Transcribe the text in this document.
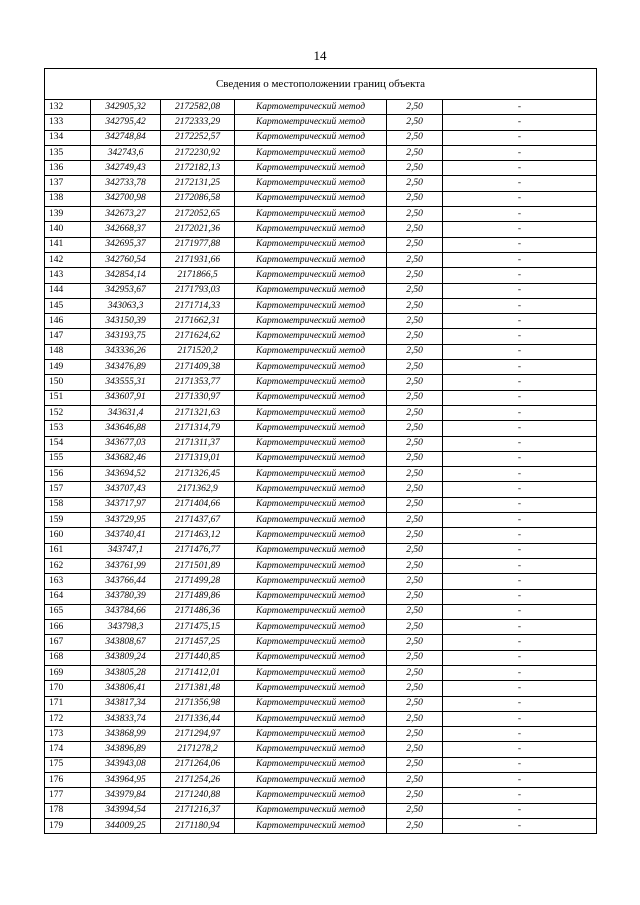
14
Сведения о местоположении границ объекта					
132	342905,32	2172582,08	Картометрический метод	2,50	-
133	342795,42	2172333,29	Картометрический метод	2,50	-
134	342748,84	2172252,57	Картометрический метод	2,50	-
135	342743,6	2172230,92	Картометрический метод	2,50	-
136	342749,43	2172182,13	Картометрический метод	2,50	-
137	342733,78	2172131,25	Картометрический метод	2,50	-
138	342700,98	2172086,58	Картометрический метод	2,50	-
139	342673,27	2172052,65	Картометрический метод	2,50	-
140	342668,37	2172021,36	Картометрический метод	2,50	-
141	342695,37	2171977,88	Картометрический метод	2,50	-
142	342760,54	2171931,66	Картометрический метод	2,50	-
143	342854,14	2171866,5	Картометрический метод	2,50	-
144	342953,67	2171793,03	Картометрический метод	2,50	-
145	343063,3	2171714,33	Картометрический метод	2,50	-
146	343150,39	2171662,31	Картометрический метод	2,50	-
147	343193,75	2171624,62	Картометрический метод	2,50	-
148	343336,26	2171520,2	Картометрический метод	2,50	-
149	343476,89	2171409,38	Картометрический метод	2,50	-
150	343555,31	2171353,77	Картометрический метод	2,50	-
151	343607,91	2171330,97	Картометрический метод	2,50	-
152	343631,4	2171321,63	Картометрический метод	2,50	-
153	343646,88	2171314,79	Картометрический метод	2,50	-
154	343677,03	2171311,37	Картометрический метод	2,50	-
155	343682,46	2171319,01	Картометрический метод	2,50	-
156	343694,52	2171326,45	Картометрический метод	2,50	-
157	343707,43	2171362,9	Картометрический метод	2,50	-
158	343717,97	2171404,66	Картометрический метод	2,50	-
159	343729,95	2171437,67	Картометрический метод	2,50	-
160	343740,41	2171463,12	Картометрический метод	2,50	-
161	343747,1	2171476,77	Картометрический метод	2,50	-
162	343761,99	2171501,89	Картометрический метод	2,50	-
163	343766,44	2171499,28	Картометрический метод	2,50	-
164	343780,39	2171489,86	Картометрический метод	2,50	-
165	343784,66	2171486,36	Картометрический метод	2,50	-
166	343798,3	2171475,15	Картометрический метод	2,50	-
167	343808,67	2171457,25	Картометрический метод	2,50	-
168	343809,24	2171440,85	Картометрический метод	2,50	-
169	343805,28	2171412,01	Картометрический метод	2,50	-
170	343806,41	2171381,48	Картометрический метод	2,50	-
171	343817,34	2171356,98	Картометрический метод	2,50	-
172	343833,74	2171336,44	Картометрический метод	2,50	-
173	343868,99	2171294,97	Картометрический метод	2,50	-
174	343896,89	2171278,2	Картометрический метод	2,50	-
175	343943,08	2171264,06	Картометрический метод	2,50	-
176	343964,95	2171254,26	Картометрический метод	2,50	-
177	343979,84	2171240,88	Картометрический метод	2,50	-
178	343994,54	2171216,37	Картометрический метод	2,50	-
179	344009,25	2171180,94	Картометрический метод	2,50	-
